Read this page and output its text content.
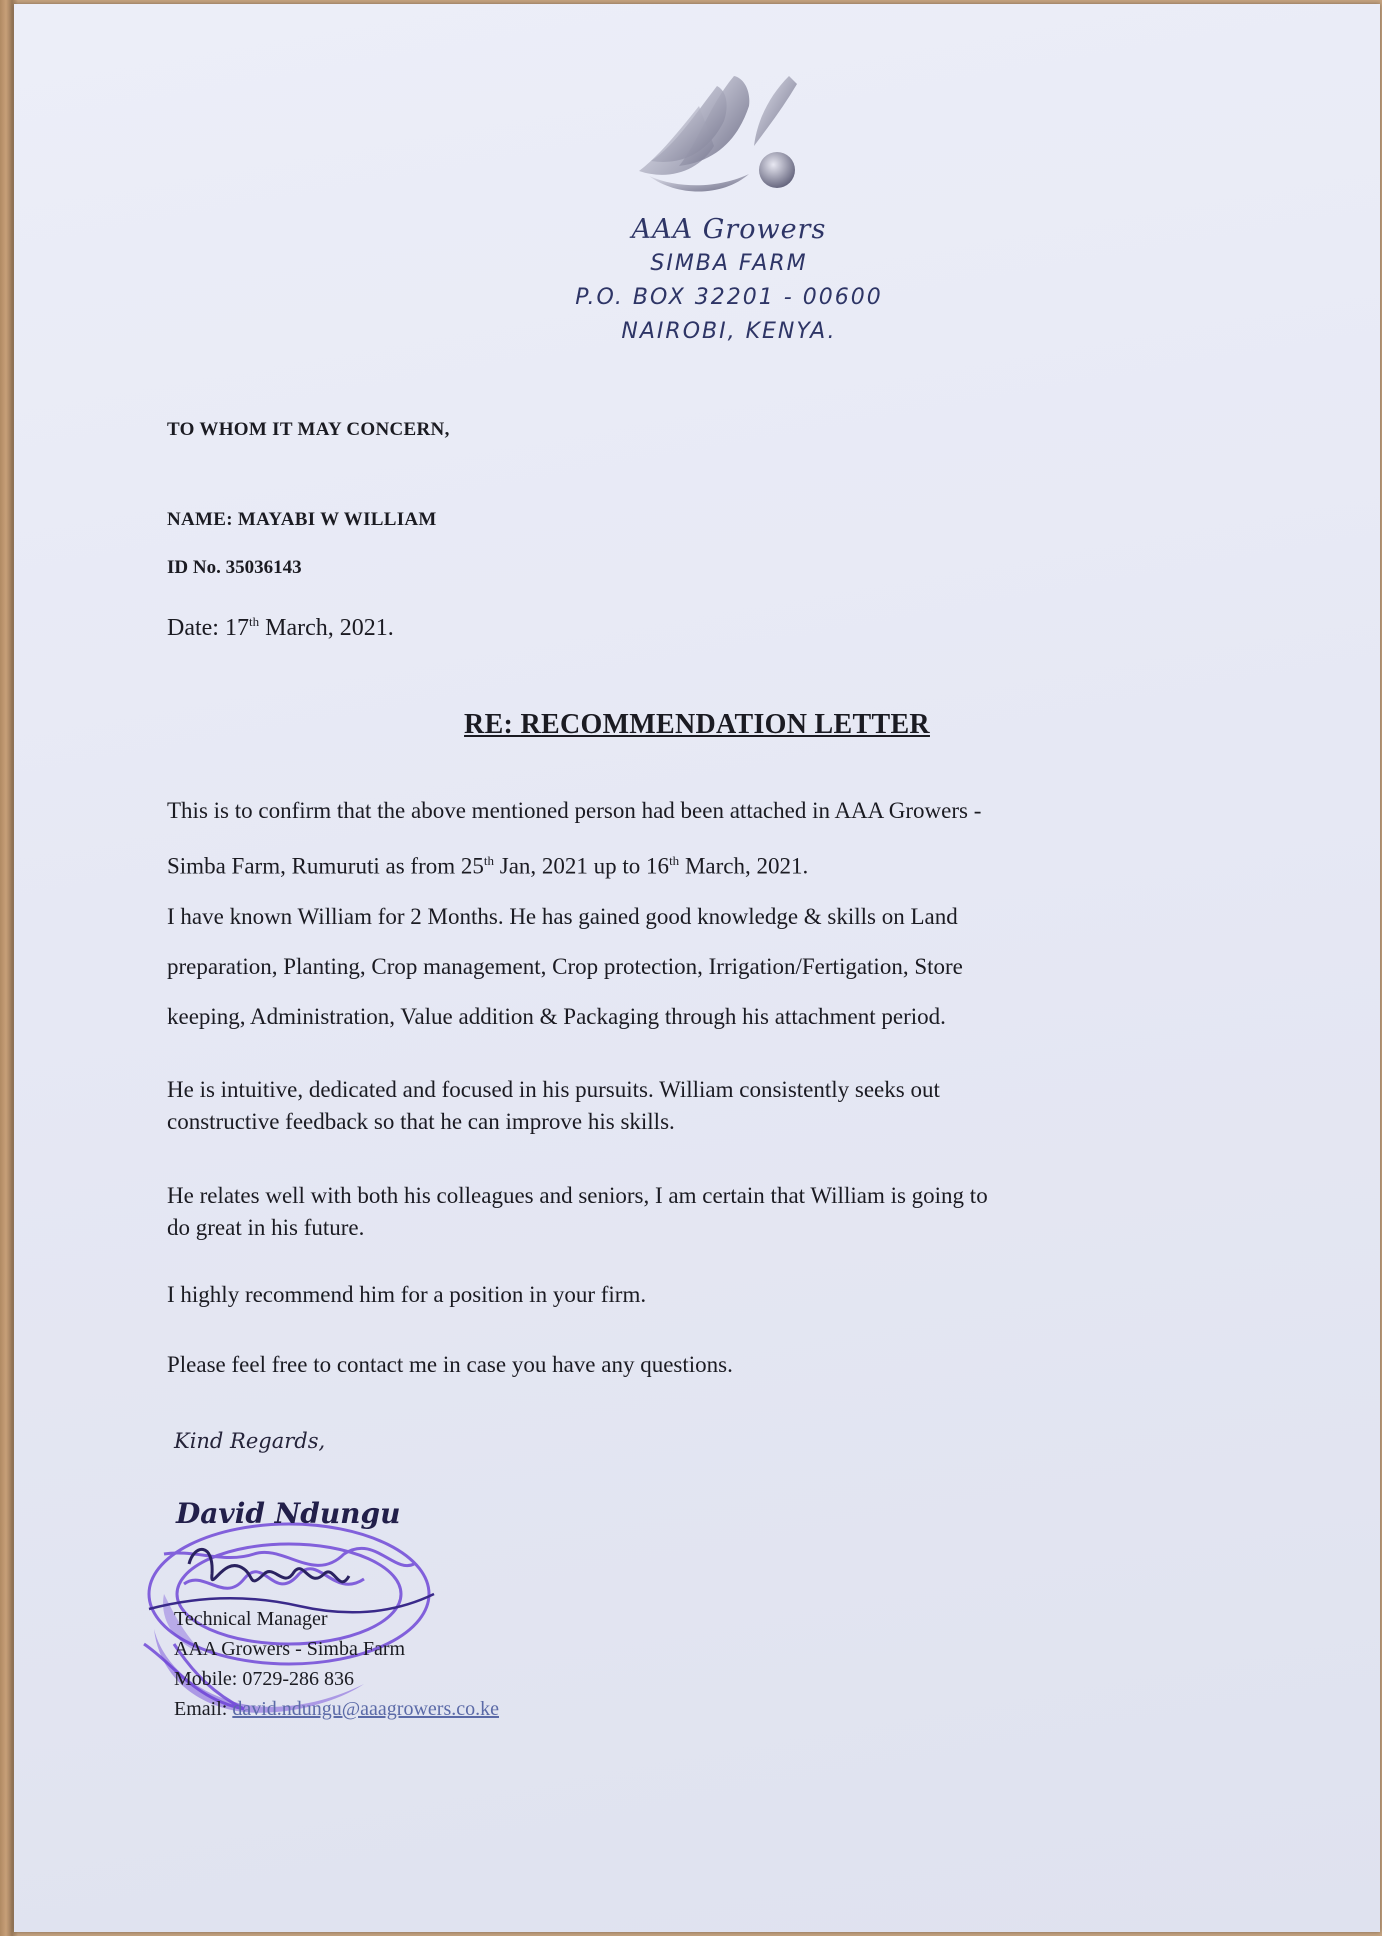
AAA Growers
SIMBA FARM
P.O. BOX 32201 - 00600
NAIROBI, KENYA.
TO WHOM IT MAY CONCERN,
NAME: MAYABI W WILLIAM
ID No. 35036143
Date: 17th March, 2021.
RE: RECOMMENDATION LETTER
This is to confirm that the above mentioned person had been attached in AAA Growers -
Simba Farm, Rumuruti as from 25th Jan, 2021 up to 16th March, 2021.
I have known William for 2 Months. He has gained good knowledge & skills on Land
preparation, Planting, Crop management, Crop protection, Irrigation/Fertigation, Store
keeping, Administration, Value addition & Packaging through his attachment period.
He is intuitive, dedicated and focused in his pursuits. William consistently seeks out
constructive feedback so that he can improve his skills.
He relates well with both his colleagues and seniors, I am certain that William is going to
do great in his future.
I highly recommend him for a position in your firm.
Please feel free to contact me in case you have any questions.
Kind Regards,
David Ndungu
Technical Manager
AAA Growers - Simba Farm
Mobile: 0729-286 836
Email: david.ndungu@aaagrowers.co.ke
